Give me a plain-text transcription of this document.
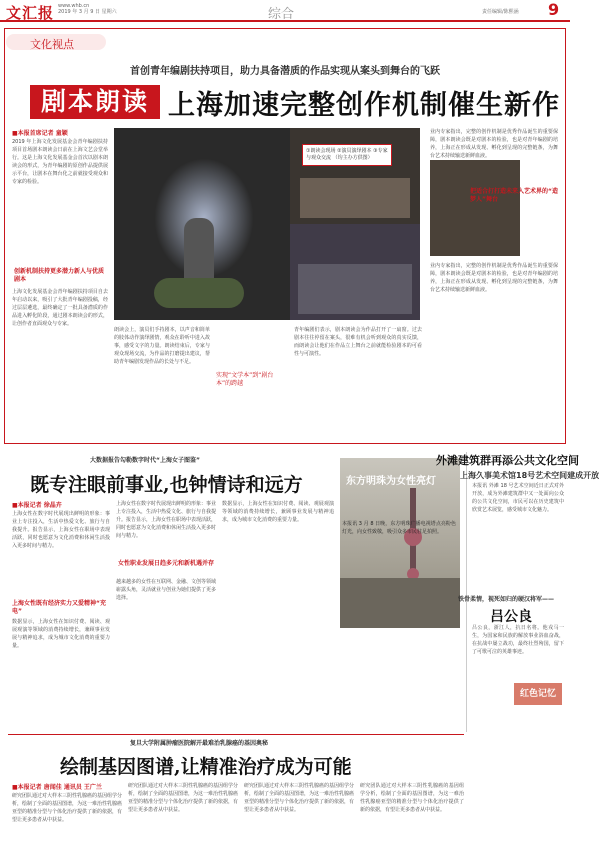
文汇报 www.whb.cn
2019 年 3 月 9 日 星期六	综合	责任编辑/陈熙涵 9
文化视点
首创青年编剧扶持项目，助力具备潜质的作品实现从案头到舞台的飞跃
剧本朗读会
上海加速完整创作机制催生新作
■本报首席记者 童颖
2019 年上海文化发展基金会青年编剧扶持项目首场剧本朗读会日前在上海文艺会堂举行。这是上海文化发展基金会首次以剧本朗读会的形式，为青年编剧的原创作品提供展示平台，让剧本在舞台化之前就接受观众和专家的检验。
创新机制扶持更多潜力新人与优质剧本
上海文化发展基金会青年编剧扶持项目自去年启动以来，吸引了大批青年编剧投稿，经过层层遴选，最终确定了一批具备潜质的作品进入孵化阶段，通过剧本朗读会的形式，让创作者直面观众与专家。
①朗读会现场 ②演员演绎剧本 ③专家与观众交流 （均主办方供图）
业内专家指出，完整的创作机制是优秀作品诞生的重要保障，剧本朗读会既是对剧本的检验，也是对青年编剧的培养，上海正在形成从发现、孵化到呈现的完整链条，为舞台艺术持续输送新鲜血液。
把适合打打造未来入艺术界的“造梦人”舞台
朗读会上，演员们手持剧本，以声音和简单的肢体动作演绎剧情，观众在聆听中进入故事，感受文字的力量。朗读结束后，专家与观众现场交流，为作品的打磨提出建议，帮助青年编剧发现作品的长处与不足。
实现“文学本”到“剧台本”的跨越
青年编剧们表示，剧本朗读会为作品打开了一扇窗。过去剧本往往停留在案头，很难有机会听到观众的真实反馈，而朗读会让他们在作品立上舞台之前就能检验剧本的可看性与可演性。
业内专家指出，完整的创作机制是优秀作品诞生的重要保障，剧本朗读会既是对剧本的检验，也是对青年编剧的培养，上海正在形成从发现、孵化到呈现的完整链条，为舞台艺术持续输送新鲜血液。
大数据报告勾勒数字时代“上海女子图鉴”
既专注眼前事业,也钟情诗和远方
■本报记者 徐晶卉
上海女性在数字时代展现出鲜明的形象：事业上专注投入，生活中热爱文化、旅行与自我提升。报告显示，上海女性在职场中表现活跃，同时也愿意为文化消费和休闲生活投入更多时间与精力。
上海女性既有经济实力又爱精神“充电”
数据显示，上海女性在知识付费、阅读、观展观演等领域的消费持续增长，兼顾事业发展与精神追求，成为城市文化消费的重要力量。
上海女性在数字时代展现出鲜明的形象：事业上专注投入，生活中热爱文化、旅行与自我提升。报告显示，上海女性在职场中表现活跃，同时也愿意为文化消费和休闲生活投入更多时间与精力。
女性职业发展日趋多元和新机遇并存
越来越多的女性在互联网、金融、文创等领域崭露头角，灵活就业与创业为她们提供了更多选择。
数据显示，上海女性在知识付费、阅读、观展观演等领域的消费持续增长，兼顾事业发展与精神追求，成为城市文化消费的重要力量。
东方明珠为女性亮灯
本报讯 3 月 8 日晚，东方明珠广播电视塔点亮粉色灯光，向女性致敬，吸引众多市民驻足拍照。
外滩建筑群再添公共文化空间
上海久事美术馆18号艺术空间建成开放
本报讯 外滩 18 号艺术空间近日正式对外开放，成为外滩建筑群中又一处面向公众的公共文化空间，市民可以在历史建筑中欣赏艺术展览，感受城市文化魅力。
铁骨柔情，视死如归的硬汉将军——
吕公良
红色记忆
吕公良，浙江人，抗日名将。他戎马一生，为国家和民族的解放事业浴血奋战，在抗战中屡立战功，最终壮烈殉国，留下了可歌可泣的英雄事迹。
复旦大学附属肿瘤医院解开最难治乳腺癌的基因奥秘
绘制基因图谱,让精准治疗成为可能
■本报记者 唐闻佳 通讯员 王广兰
研究团队通过对大样本三阴性乳腺癌的基因组学分析，绘制了全面的基因图谱，为这一难治性乳腺癌亚型的精准分型与个体化治疗提供了新的依据，有望让更多患者从中获益。
研究团队通过对大样本三阴性乳腺癌的基因组学分析，绘制了全面的基因图谱，为这一难治性乳腺癌亚型的精准分型与个体化治疗提供了新的依据，有望让更多患者从中获益。
研究团队通过对大样本三阴性乳腺癌的基因组学分析，绘制了全面的基因图谱，为这一难治性乳腺癌亚型的精准分型与个体化治疗提供了新的依据，有望让更多患者从中获益。
研究团队通过对大样本三阴性乳腺癌的基因组学分析，绘制了全面的基因图谱，为这一难治性乳腺癌亚型的精准分型与个体化治疗提供了新的依据，有望让更多患者从中获益。
